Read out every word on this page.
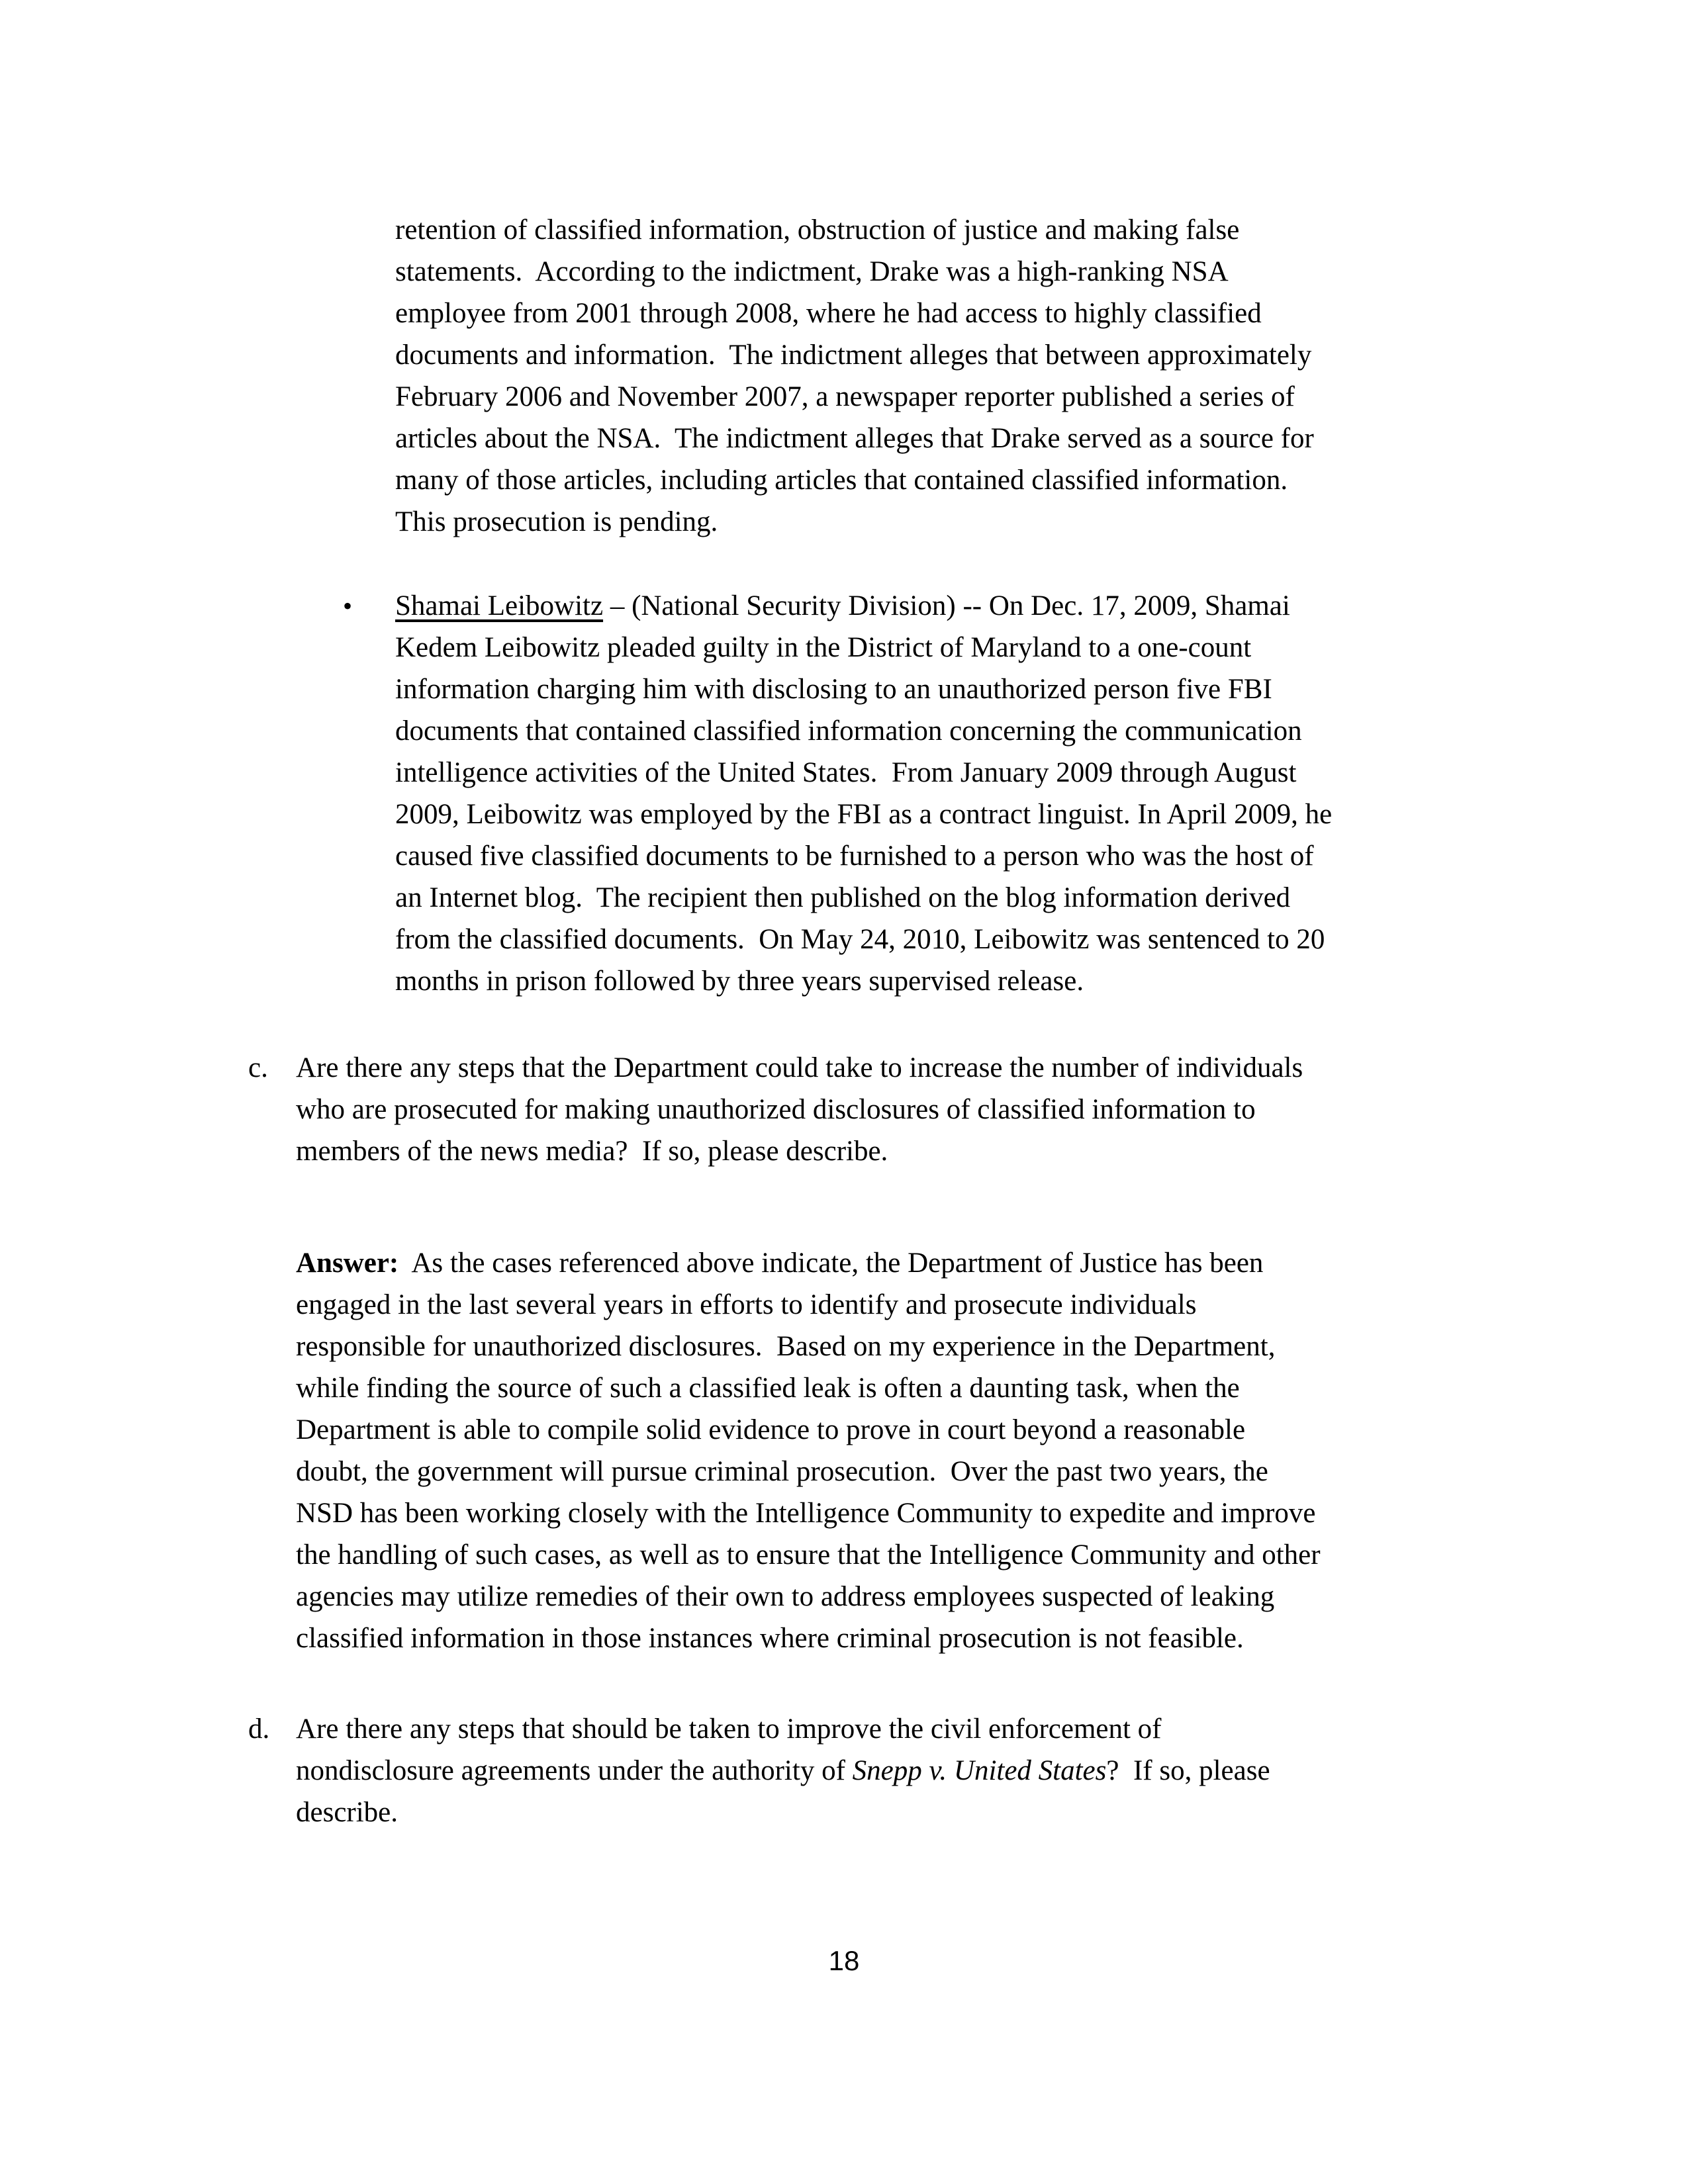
retention of classified information, obstruction of justice and making false
statements.  According to the indictment, Drake was a high-ranking NSA
employee from 2001 through 2008, where he had access to highly classified
documents and information.  The indictment alleges that between approximately
February 2006 and November 2007, a newspaper reporter published a series of
articles about the NSA.  The indictment alleges that Drake served as a source for
many of those articles, including articles that contained classified information.
This prosecution is pending.
• Shamai Leibowitz – (National Security Division) -- On Dec. 17, 2009, Shamai
Kedem Leibowitz pleaded guilty in the District of Maryland to a one-count
information charging him with disclosing to an unauthorized person five FBI
documents that contained classified information concerning the communication
intelligence activities of the United States.  From January 2009 through August
2009, Leibowitz was employed by the FBI as a contract linguist. In April 2009, he
caused five classified documents to be furnished to a person who was the host of
an Internet blog.  The recipient then published on the blog information derived
from the classified documents.  On May 24, 2010, Leibowitz was sentenced to 20
months in prison followed by three years supervised release.
c. Are there any steps that the Department could take to increase the number of individuals
who are prosecuted for making unauthorized disclosures of classified information to
members of the news media?  If so, please describe.
Answer:  As the cases referenced above indicate, the Department of Justice has been
engaged in the last several years in efforts to identify and prosecute individuals
responsible for unauthorized disclosures.  Based on my experience in the Department,
while finding the source of such a classified leak is often a daunting task, when the
Department is able to compile solid evidence to prove in court beyond a reasonable
doubt, the government will pursue criminal prosecution.  Over the past two years, the
NSD has been working closely with the Intelligence Community to expedite and improve
the handling of such cases, as well as to ensure that the Intelligence Community and other
agencies may utilize remedies of their own to address employees suspected of leaking
classified information in those instances where criminal prosecution is not feasible.
d. Are there any steps that should be taken to improve the civil enforcement of
nondisclosure agreements under the authority of Snepp v. United States?  If so, please
describe.
18
